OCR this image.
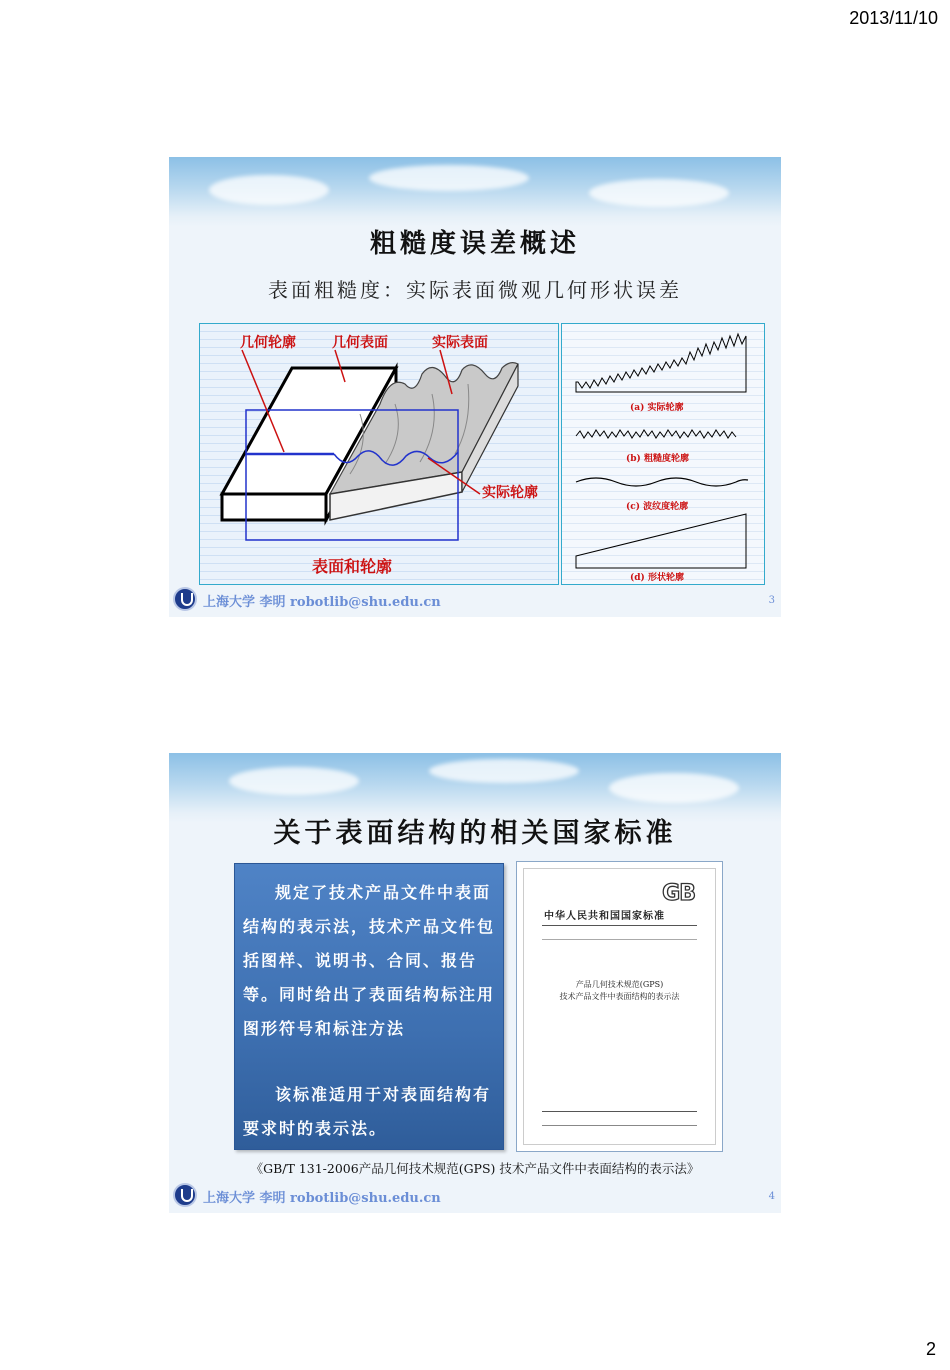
2013/11/10
粗糙度误差概述
表面粗糙度：实际表面微观几何形状误差
几何轮廓	几何表面	实际表面
实际轮廓
表面和轮廓
(a) 实际轮廓
(b) 粗糙度轮廓
(c) 波纹度轮廓
(d) 形状轮廓
上海大学 李明 robotlib@shu.edu.cn	3
关于表面结构的相关国家标准

规定了技术产品文件中表面结构的表示法，技术产品文件包括图样、说明书、合同、报告等。同时给出了表面结构标注用图形符号和标注方法

该标准适用于对表面结构有要求时的表示法。

GB
中华人民共和国国家标准
产品几何技术规范(GPS)
技术产品文件中表面结构的表示法
《GB/T 131-2006产品几何技术规范(GPS) 技术产品文件中表面结构的表示法》
上海大学 李明 robotlib@shu.edu.cn	4
2
